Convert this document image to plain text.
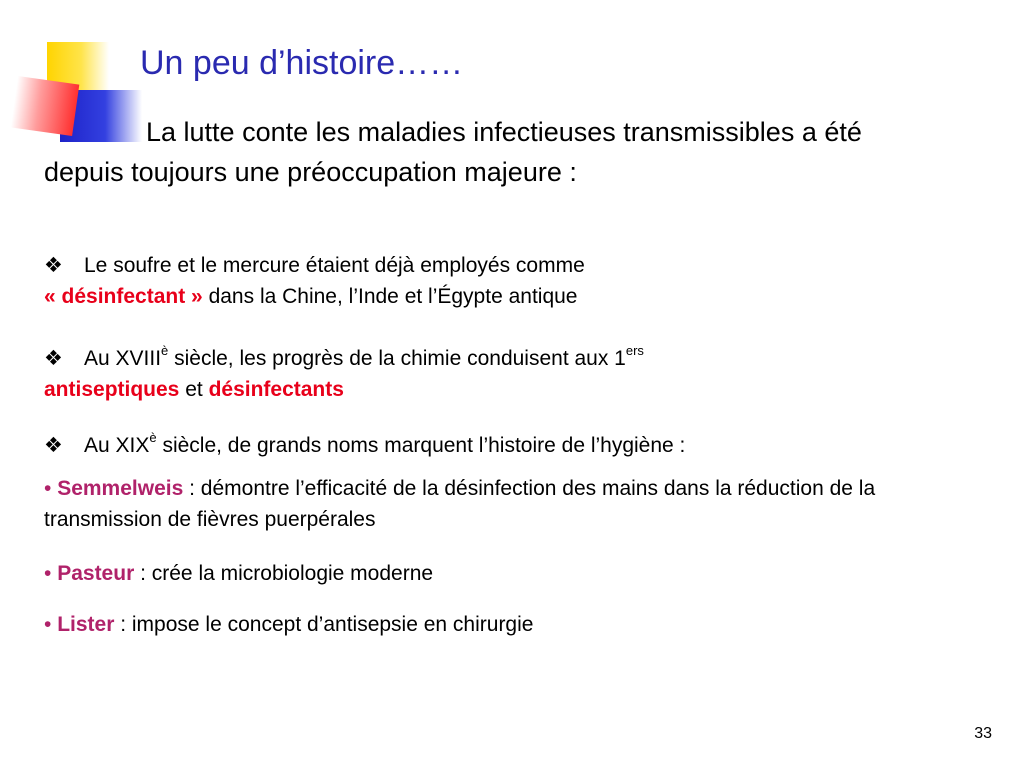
Un peu d’histoire……

La lutte conte les maladies infectieuses transmissibles a été depuis toujours une préoccupation majeure :

❖ Le soufre et le mercure étaient déjà employés comme
« désinfectant » dans la Chine, l’Inde et l’Égypte antique

❖ Au $XVIII^è$ siècle, les progrès de la chimie conduisent aux 1ers
antiseptiques et désinfectants

❖ Au $XIX^è$ siècle, de grands noms marquent l’histoire de l’hygiène :

• Semmelweis : démontre l’efficacité de la désinfection des mains dans la réduction de la transmission de fièvres puerpérales

• Pasteur : crée la microbiologie moderne

• Lister : impose le concept d’antisepsie en chirurgie

33
